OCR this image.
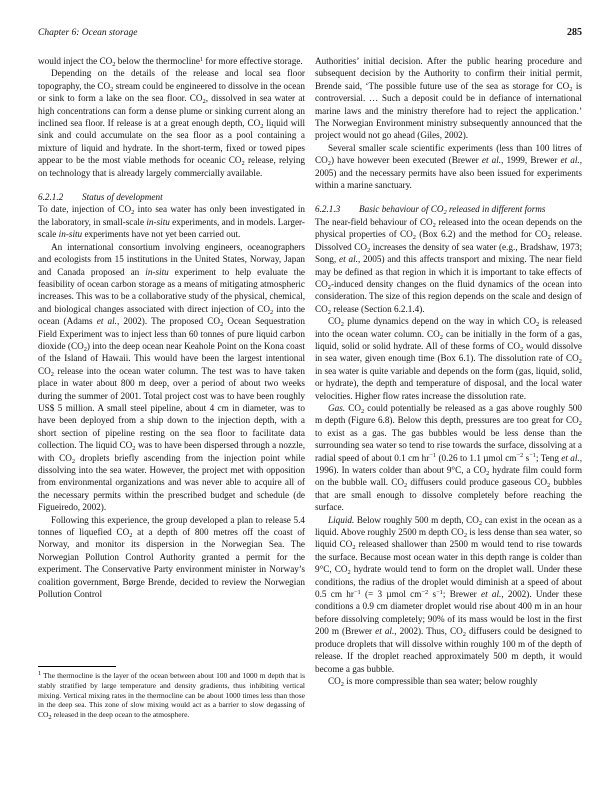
Chapter 6: Ocean storage	285

would inject the $CO_2$ below the thermocline$^1$ for more effective storage.

Depending on the details of the release and local sea floor topography, the $CO_2$ stream could be engineered to dissolve in the ocean or sink to form a lake on the sea floor. $CO_2$, dissolved in sea water at high concentrations can form a dense plume or sinking current along an inclined sea floor. If release is at a great enough depth, $CO_2$ liquid will sink and could accumulate on the sea floor as a pool containing a mixture of liquid and hydrate. In the short-term, fixed or towed pipes appear to be the most viable methods for oceanic $CO_2$ release, relying on technology that is already largely commercially available.

6.2.1.2 Status of development

To date, injection of $CO_2$ into sea water has only been investigated in the laboratory, in small-scale in-situ experiments, and in models. Larger-scale in-situ experiments have not yet been carried out.

An international consortium involving engineers, oceanographers and ecologists from 15 institutions in the United States, Norway, Japan and Canada proposed an in-situ experiment to help evaluate the feasibility of ocean carbon storage as a means of mitigating atmospheric increases. This was to be a collaborative study of the physical, chemical, and biological changes associated with direct injection of $CO_2$ into the ocean (Adams et al., 2002). The proposed $CO_2$ Ocean Sequestration Field Experiment was to inject less than 60 tonnes of pure liquid carbon dioxide $(CO_2)$ into the deep ocean near Keahole Point on the Kona coast of the Island of Hawaii. This would have been the largest intentional $CO_2$ release into the ocean water column. The test was to have taken place in water about 800 m deep, over a period of about two weeks during the summer of 2001. Total project cost was to have been roughly US$ 5 million. A small steel pipeline, about 4 cm in diameter, was to have been deployed from a ship down to the injection depth, with a short section of pipeline resting on the sea floor to facilitate data collection. The liquid $CO_2$ was to have been dispersed through a nozzle, with $CO_2$ droplets briefly ascending from the injection point while dissolving into the sea water. However, the project met with opposition from environmental organizations and was never able to acquire all of the necessary permits within the prescribed budget and schedule (de Figueiredo, 2002).

Following this experience, the group developed a plan to release 5.4 tonnes of liquefied $CO_2$ at a depth of 800 metres off the coast of Norway, and monitor its dispersion in the Norwegian Sea. The Norwegian Pollution Control Authority granted a permit for the experiment. The Conservative Party environment minister in Norway’s coalition government, Børge Brende, decided to review the Norwegian Pollution Control

Authorities’ initial decision. After the public hearing procedure and subsequent decision by the Authority to confirm their initial permit, Brende said, ‘The possible future use of the sea as storage for $CO_2$ is controversial. … Such a deposit could be in defiance of international marine laws and the ministry therefore had to reject the application.’ The Norwegian Environment ministry subsequently announced that the project would not go ahead (Giles, 2002).

Several smaller scale scientific experiments (less than 100 litres of $CO_2$) have however been executed (Brewer et al., 1999, Brewer et al., 2005) and the necessary permits have also been issued for experiments within a marine sanctuary.

6.2.1.3 Basic behaviour of $CO_2$ released in different forms

The near-field behaviour of $CO_2$ released into the ocean depends on the physical properties of $CO_2$ (Box 6.2) and the method for $CO_2$ release. Dissolved $CO_2$ increases the density of sea water (e.g., Bradshaw, 1973; Song, et al., 2005) and this affects transport and mixing. The near field may be defined as that region in which it is important to take effects of $CO_2$-induced density changes on the fluid dynamics of the ocean into consideration. The size of this region depends on the scale and design of $CO_2$ release (Section 6.2.1.4).

$CO_2$ plume dynamics depend on the way in which $CO_2$ is released into the ocean water column. $CO_2$ can be initially in the form of a gas, liquid, solid or solid hydrate. All of these forms of $CO_2$ would dissolve in sea water, given enough time (Box 6.1). The dissolution rate of $CO_2$ in sea water is quite variable and depends on the form (gas, liquid, solid, or hydrate), the depth and temperature of disposal, and the local water velocities. Higher flow rates increase the dissolution rate.

Gas. $CO_2$ could potentially be released as a gas above roughly 500 m depth (Figure 6.8). Below this depth, pressures are too great for $CO_2$ to exist as a gas. The gas bubbles would be less dense than the surrounding sea water so tend to rise towards the surface, dissolving at a radial speed of about 0.1 cm $hr^{-1}$ (0.26 to 1.1 µmol $cm^{-2}$ $s^{-1}$; Teng et al., 1996). In waters colder than about 9°C, a $CO_2$ hydrate film could form on the bubble wall. $CO_2$ diffusers could produce gaseous $CO_2$ bubbles that are small enough to dissolve completely before reaching the surface.

Liquid. Below roughly 500 m depth, $CO_2$ can exist in the ocean as a liquid. Above roughly 2500 m depth $CO_2$ is less dense than sea water, so liquid $CO_2$ released shallower than 2500 m would tend to rise towards the surface. Because most ocean water in this depth range is colder than 9°C, $CO_2$ hydrate would tend to form on the droplet wall. Under these conditions, the radius of the droplet would diminish at a speed of about 0.5 cm $hr^{-1}$ (= 3 µmol $cm^{-2}$ $s^{-1}$; Brewer et al., 2002). Under these conditions a 0.9 cm diameter droplet would rise about 400 m in an hour before dissolving completely; 90% of its mass would be lost in the first 200 m (Brewer et al., 2002). Thus, $CO_2$ diffusers could be designed to produce droplets that will dissolve within roughly 100 m of the depth of release. If the droplet reached approximately 500 m depth, it would become a gas bubble.

$CO_2$ is more compressible than sea water; below roughly

$^1$ The thermocline is the layer of the ocean between about 100 and 1000 m depth that is stably stratified by large temperature and density gradients, thus inhibiting vertical mixing. Vertical mixing rates in the thermocline can be about 1000 times less than those in the deep sea. This zone of slow mixing would act as a barrier to slow degassing of $CO_2$ released in the deep ocean to the atmosphere.
